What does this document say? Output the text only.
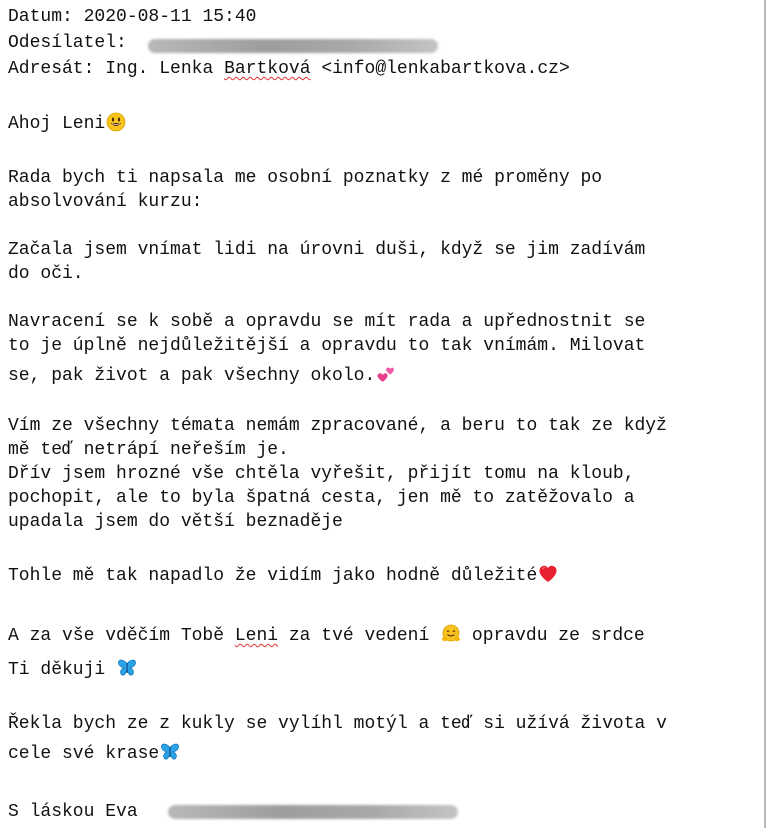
Datum: 2020-08-11 15:40
Odesílatel:
Adresát: Ing. Lenka Bartková <info@lenkabartkova.cz>
Ahoj Leni
Rada bych ti napsala me osobní poznatky z mé proměny po
absolvování kurzu:
Začala jsem vnímat lidi na úrovni duši, když se jim zadívám
do oči.
Navracení se k sobě a opravdu se mít rada a upřednostnit se
to je úplně nejdůležitější a opravdu to tak vnímám. Milovat
se, pak život a pak všechny okolo.
Vím ze všechny témata nemám zpracované, a beru to tak ze když
mě teď netrápí neřeším je.
Dřív jsem hrozné vše chtěla vyřešit, přijít tomu na kloub,
pochopit, ale to byla špatná cesta, jen mě to zatěžovalo a
upadala jsem do větší beznaděje
Tohle mě tak napadlo že vidím jako hodně důležité
A za vše vděčím Tobě Leni za tvé vedení  opravdu ze srdce
Ti děkuji
Řekla bych ze z kukly se vylíhl motýl a teď si užívá života v
cele své krase
S láskou Eva
